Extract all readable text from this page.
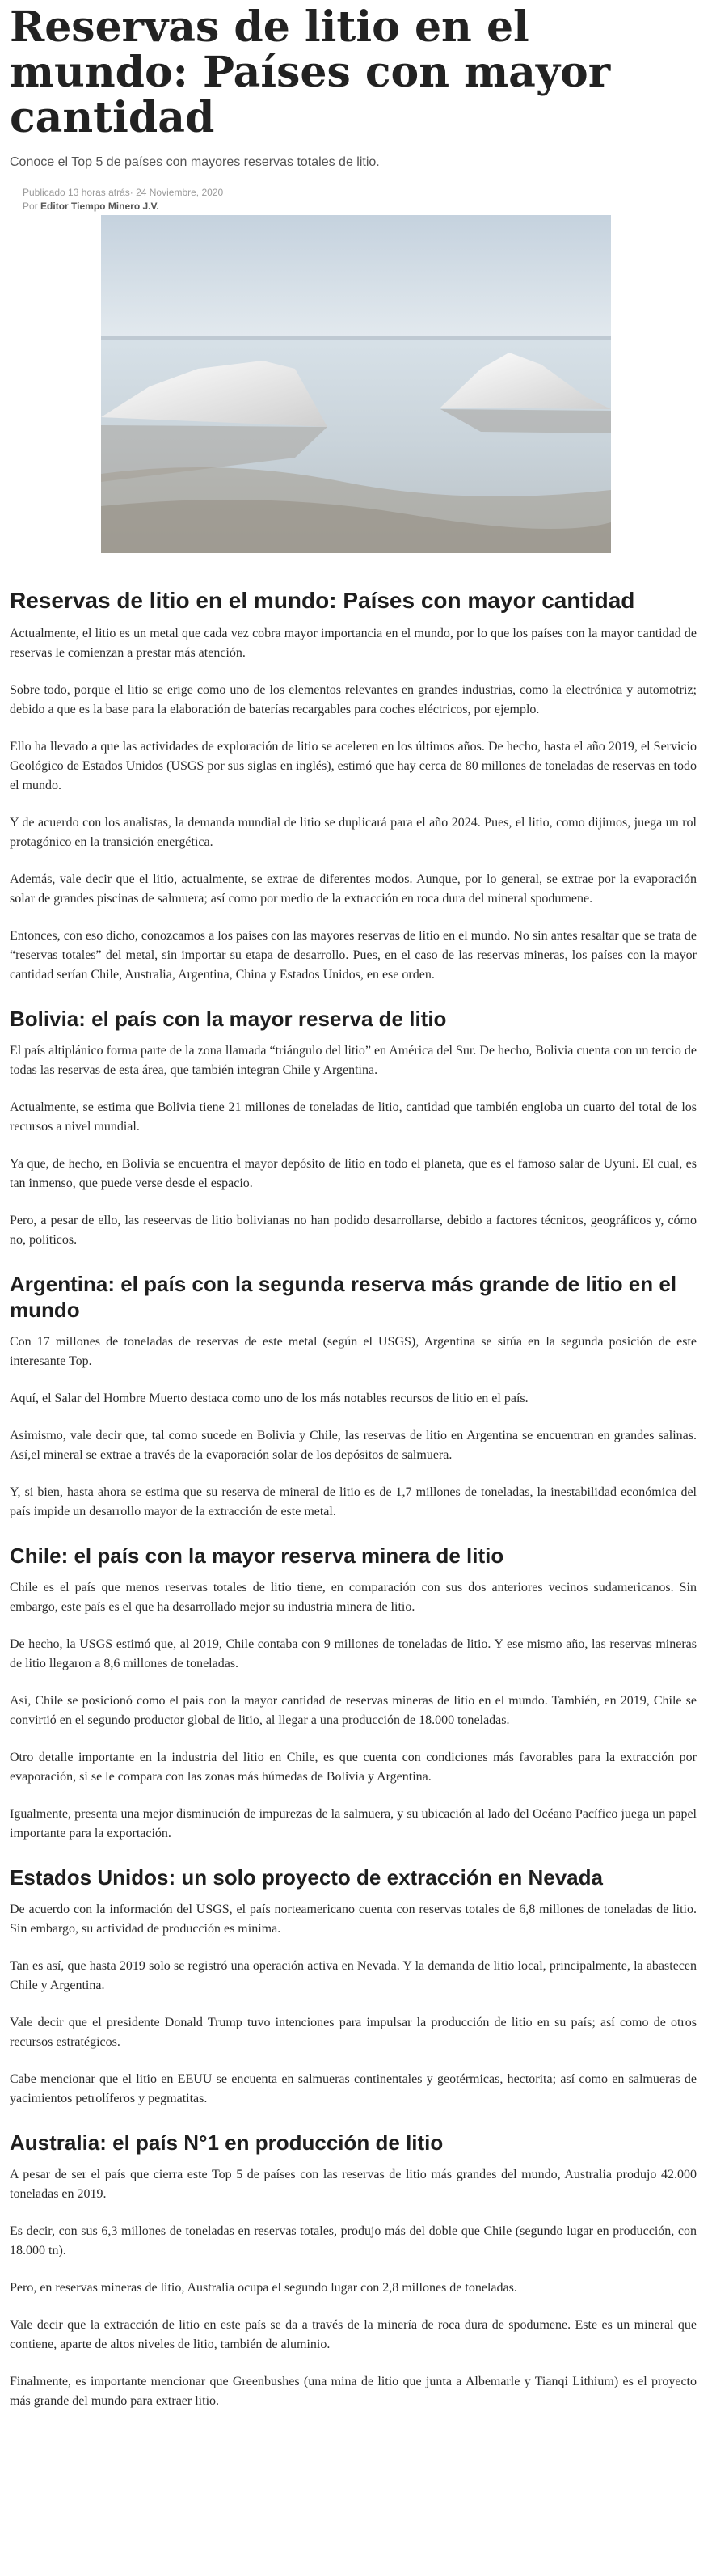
Reservas de litio en el mundo: Países con mayor cantidad
Conoce el Top 5 de países con mayores reservas totales de litio.
Publicado 13 horas atrás· 24 Noviembre, 2020
Por Editor Tiempo Minero J.V.
Reservas de litio en el mundo: Países con mayor cantidad

Actualmente, el litio es un metal que cada vez cobra mayor importancia en el mundo, por lo que los países con la mayor cantidad de reservas le comienzan a prestar más atención.

Sobre todo, porque el litio se erige como uno de los elementos relevantes en grandes industrias, como la electrónica y automotriz; debido a que es la base para la elaboración de baterías recargables para coches eléctricos, por ejemplo.

Ello ha llevado a que las actividades de exploración de litio se aceleren en los últimos años. De hecho, hasta el año 2019, el Servicio Geológico de Estados Unidos (USGS por sus siglas en inglés), estimó que hay cerca de 80 millones de toneladas de reservas en todo el mundo.

Y de acuerdo con los analistas, la demanda mundial de litio se duplicará para el año 2024. Pues, el litio, como dijimos, juega un rol protagónico en la transición energética.

Además, vale decir que el litio, actualmente, se extrae de diferentes modos. Aunque, por lo general, se extrae por la evaporación solar de grandes piscinas de salmuera; así como por medio de la extracción en roca dura del mineral spodumene.

Entonces, con eso dicho, conozcamos a los países con las mayores reservas de litio en el mundo. No sin antes resaltar que se trata de “reservas totales” del metal, sin importar su etapa de desarrollo. Pues, en el caso de las reservas mineras, los países con la mayor cantidad serían Chile, Australia, Argentina, China y Estados Unidos, en ese orden.

Bolivia: el país con la mayor reserva de litio

El país altiplánico forma parte de la zona llamada “triángulo del litio” en América del Sur. De hecho, Bolivia cuenta con un tercio de todas las reservas de esta área, que también integran Chile y Argentina.

Actualmente, se estima que Bolivia tiene 21 millones de toneladas de litio, cantidad que también engloba un cuarto del total de los recursos a nivel mundial.

Ya que, de hecho, en Bolivia se encuentra el mayor depósito de litio en todo el planeta, que es el famoso salar de Uyuni. El cual, es tan inmenso, que puede verse desde el espacio.

Pero, a pesar de ello, las reseervas de litio bolivianas no han podido desarrollarse, debido a factores técnicos, geográficos y, cómo no, políticos.

Argentina: el país con la segunda reserva más grande de litio en el mundo

Con 17 millones de toneladas de reservas de este metal (según el USGS), Argentina se sitúa en la segunda posición de este interesante Top.

Aquí, el Salar del Hombre Muerto destaca como uno de los más notables recursos de litio en el país.

Asimismo, vale decir que, tal como sucede en Bolivia y Chile, las reservas de litio en Argentina se encuentran en grandes salinas. Así,el mineral se extrae a través de la evaporación solar de los depósitos de salmuera.

Y, si bien, hasta ahora se estima que su reserva de mineral de litio es de 1,7 millones de toneladas, la inestabilidad económica del país impide un desarrollo mayor de la extracción de este metal.

Chile: el país con la mayor reserva minera de litio

Chile es el país que menos reservas totales de litio tiene, en comparación con sus dos anteriores vecinos sudamericanos. Sin embargo, este país es el que ha desarrollado mejor su industria minera de litio.

De hecho, la USGS estimó que, al 2019, Chile contaba con 9 millones de toneladas de litio. Y ese mismo año, las reservas mineras de litio llegaron a 8,6 millones de toneladas.

Así, Chile se posicionó como el país con la mayor cantidad de reservas mineras de litio en el mundo. También, en 2019, Chile se convirtió en el segundo productor global de litio, al llegar a una producción de 18.000 toneladas.

Otro detalle importante en la industria del litio en Chile, es que cuenta con condiciones más favorables para la extracción por evaporación, si se le compara con las zonas más húmedas de Bolivia y Argentina.

Igualmente, presenta una mejor disminución de impurezas de la salmuera, y su ubicación al lado del Océano Pacífico juega un papel importante para la exportación.

Estados Unidos: un solo proyecto de extracción en Nevada

De acuerdo con la información del USGS, el país norteamericano cuenta con reservas totales de 6,8 millones de toneladas de litio. Sin embargo, su actividad de producción es mínima.

Tan es así, que hasta 2019 solo se registró una operación activa en Nevada. Y la demanda de litio local, principalmente, la abastecen Chile y Argentina.

Vale decir que el presidente Donald Trump tuvo intenciones para impulsar la producción de litio en su país; así como de otros recursos estratégicos.

Cabe mencionar que el litio en EEUU se encuenta en salmueras continentales y geotérmicas, hectorita; así como en salmueras de yacimientos petrolíferos y pegmatitas.

Australia: el país N°1 en producción de litio

A pesar de ser el país que cierra este Top 5 de países con las reservas de litio más grandes del mundo, Australia produjo 42.000 toneladas en 2019.

Es decir, con sus 6,3 millones de toneladas en reservas totales, produjo más del doble que Chile (segundo lugar en producción, con 18.000 tn).

Pero, en reservas mineras de litio, Australia ocupa el segundo lugar con 2,8 millones de toneladas.

Vale decir que la extracción de litio en este país se da a través de la minería de roca dura de spodumene. Este es un mineral que contiene, aparte de altos niveles de litio, también de aluminio.

Finalmente, es importante mencionar que Greenbushes (una mina de litio que junta a Albemarle y Tianqi Lithium) es el proyecto más grande del mundo para extraer litio.
